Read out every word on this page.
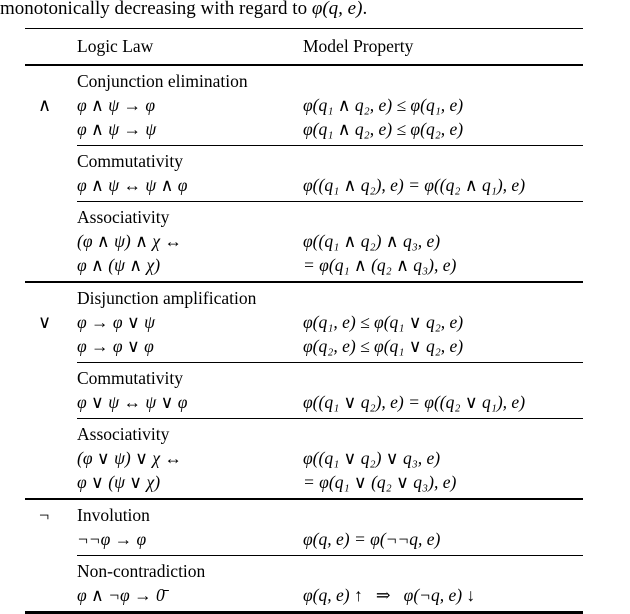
monotonically decreasing with regard to φ(q, e).
Logic Law	Model Property
∧
Conjunction elimination
φ ∧ ψ → φ	φ(q₁ ∧ q₂, e) ≤ φ(q₁, e)
φ ∧ ψ → ψ	φ(q₁ ∧ q₂, e) ≤ φ(q₂, e)
Commutativity
φ ∧ ψ ↔ ψ ∧ φ	φ((q₁ ∧ q₂), e) = φ((q₂ ∧ q₁), e)
Associativity
(φ ∧ ψ) ∧ χ ↔	φ((q₁ ∧ q₂) ∧ q₃, e)
φ ∧ (ψ ∧ χ)	= φ(q₁ ∧ (q₂ ∧ q₃), e)
∨
Disjunction amplification
φ → φ ∨ ψ	φ(q₁, e) ≤ φ(q₁ ∨ q₂, e)
φ → φ ∨ φ	φ(q₂, e) ≤ φ(q₁ ∨ q₂, e)
Commutativity
φ ∨ ψ ↔ ψ ∨ φ	φ((q₁ ∨ q₂), e) = φ((q₂ ∨ q₁), e)
Associativity
(φ ∨ ψ) ∨ χ ↔	φ((q₁ ∨ q₂) ∨ q₃, e)
φ ∨ (ψ ∨ χ)	= φ(q₁ ∨ (q₂ ∨ q₃), e)
¬	Involution
¬¬φ → φ	φ(q, e) = φ(¬¬q, e)
Non-contradiction
φ ∧ ¬φ → 0̄	φ(q, e) ↑   ⇒   φ(¬q, e) ↓
